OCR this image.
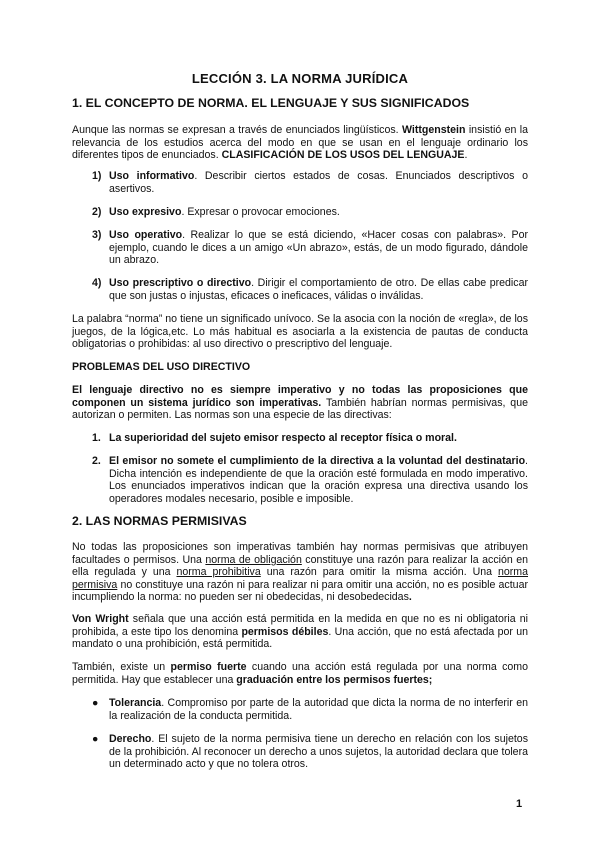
LECCIÓN 3. LA NORMA JURÍDICA
1. EL CONCEPTO DE NORMA. EL LENGUAJE Y SUS SIGNIFICADOS

Aunque las normas se expresan a través de enunciados lingüísticos. Wittgenstein insistió en la relevancia de los estudios acerca del modo en que se usan en el lenguaje ordinario los diferentes tipos de enunciados. CLASIFICACIÓN DE LOS USOS DEL LENGUAJE.

1) Uso informativo. Describir ciertos estados de cosas. Enunciados descriptivos o asertivos.
2) Uso expresivo. Expresar o provocar emociones.
3) Uso operativo. Realizar lo que se está diciendo, «Hacer cosas con palabras». Por ejemplo, cuando le dices a un amigo «Un abrazo», estás, de un modo figurado, dándole un abrazo.
4) Uso prescriptivo o directivo. Dirigir el comportamiento de otro. De ellas cabe predicar que son justas o injustas, eficaces o ineficaces, válidas o inválidas.

La palabra “norma” no tiene un significado unívoco. Se la asocia con la noción de «regla», de los juegos, de la lógica,etc. Lo más habitual es asociarla a la existencia de pautas de conducta obligatorias o prohibidas: al uso directivo o prescriptivo del lenguaje.

PROBLEMAS DEL USO DIRECTIVO

El lenguaje directivo no es siempre imperativo y no todas las proposiciones que componen un sistema jurídico son imperativas. También habrían normas permisivas, que autorizan o permiten. Las normas son una especie de las directivas:

1. La superioridad del sujeto emisor respecto al receptor física o moral.
2. El emisor no somete el cumplimiento de la directiva a la voluntad del destinatario. Dicha intención es independiente de que la oración esté formulada en modo imperativo. Los enunciados imperativos indican que la oración expresa una directiva usando los operadores modales necesario, posible e imposible.
2. LAS NORMAS PERMISIVAS

No todas las proposiciones son imperativas también hay normas permisivas que atribuyen facultades o permisos. Una norma de obligación constituye una razón para realizar la acción en ella regulada y una norma prohibitiva una razón para omitir la misma acción. Una norma permisiva no constituye una razón ni para realizar ni para omitir una acción, no es posible actuar incumpliendo la norma: no pueden ser ni obedecidas, ni desobedecidas.

Von Wright señala que una acción está permitida en la medida en que no es ni obligatoria ni prohibida, a este tipo los denomina permisos débiles. Una acción, que no está afectada por un mandato o una prohibición, está permitida.

También, existe un permiso fuerte cuando una acción está regulada por una norma como permitida. Hay que establecer una graduación entre los permisos fuertes;

● Tolerancia. Compromiso por parte de la autoridad que dicta la norma de no interferir en la realización de la conducta permitida.
● Derecho. El sujeto de la norma permisiva tiene un derecho en relación con los sujetos de la prohibición. Al reconocer un derecho a unos sujetos, la autoridad declara que tolera un determinado acto y que no tolera otros.
1
